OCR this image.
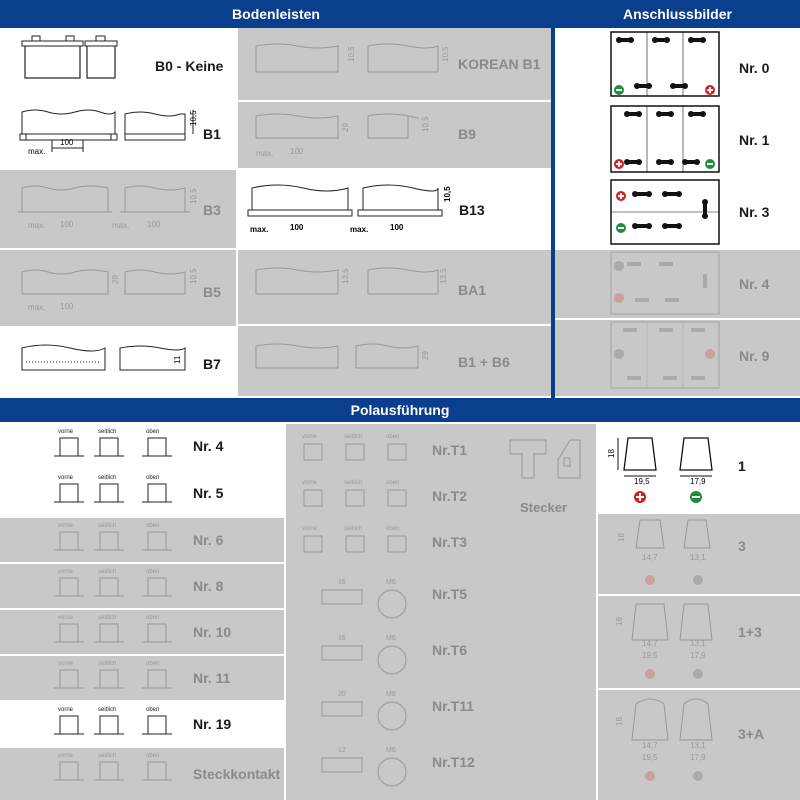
Bodenleisten	Anschlussbilder
Polausführung
B0 - Keine
max.
100
10,5
B1
max. 100	max. 100
10,5
B3
max. 100
29	10,5
B5
11 B7
10,5	10,5
KOREAN B1
max. 100
29	10,5
B9
max.	100	max.	100
10,5
B13
13,5	13,5
BA1
29 B1 + B6
Nr. 0
Nr. 1
Nr. 3
Nr. 4
Nr. 9
vorne	seitlich	oben
Nr. 4
vorne	seitlich	oben
Nr. 5
vorne	seitlich	oben
Nr. 6
vorne	seitlich	oben
Nr. 8
vorne	seitlich	oben
Nr. 10
vorne	seitlich	oben
Nr. 11
vorne	seitlich	oben
Nr. 19
vorne	seitlich	oben
Steckkontakt
vorne	seitlich	oben
Nr.T1
vorne	seitlich	oben
Nr.T2
vorne	seitlich	oben
Nr.T3
16	M6
Nr.T5
16	M6
Nr.T6
20	M8
Nr.T11
12	M6
Nr.T12
Stecker
18
19,5	17,9
1
18
14,7	13,1
3
18
14,7	13,1
19,5	17,9
1+3
18
14,7	13,1
19,5	17,9
3+A
